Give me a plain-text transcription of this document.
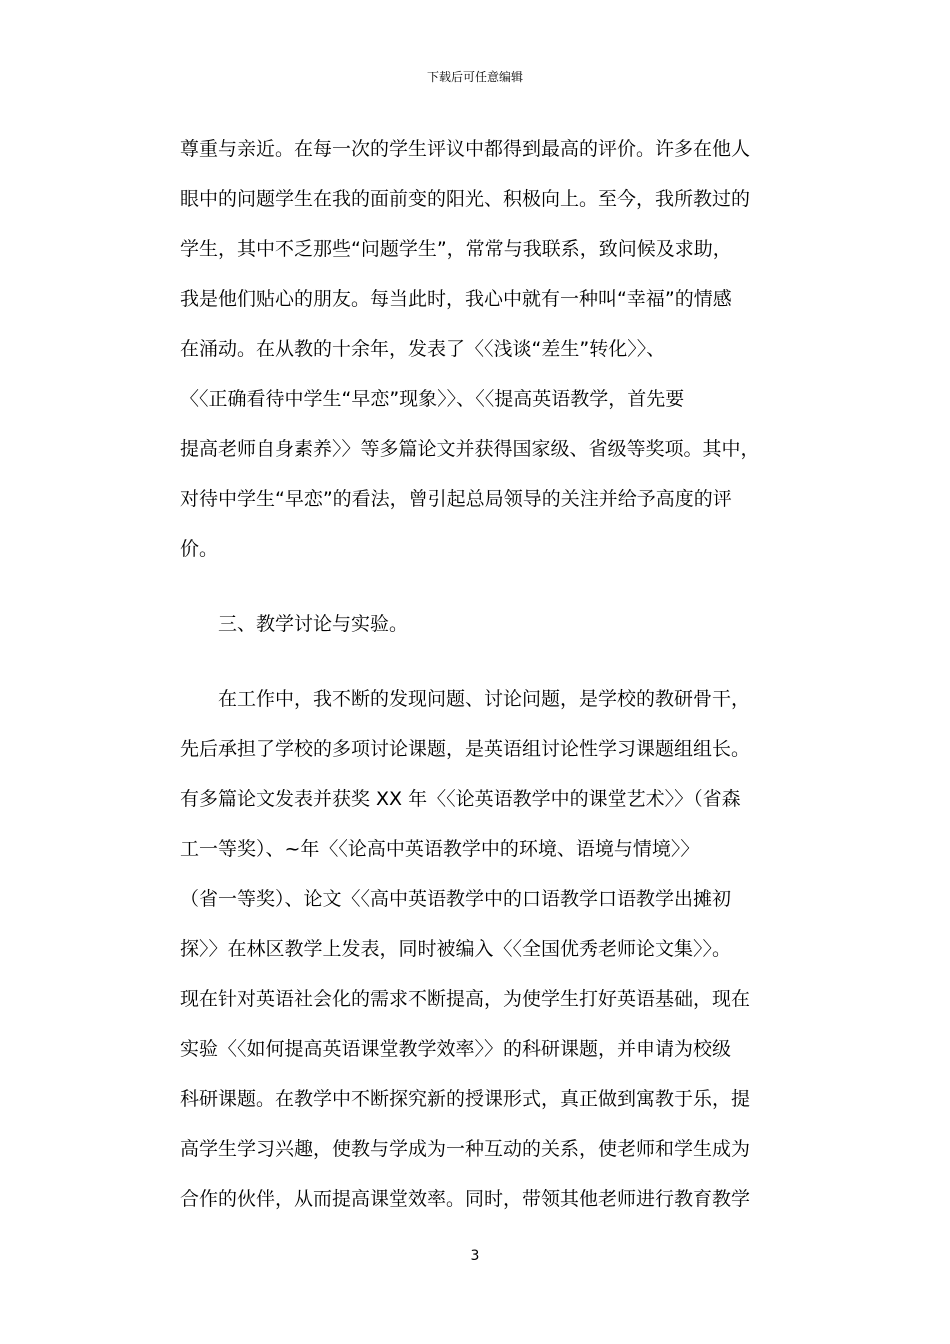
下载后可任意编辑
尊重与亲近。在每一次的学生评议中都得到最高的评价。许多在他人
眼中的问题学生在我的面前变的阳光、积极向上。至今，我所教过的
学生，其中不乏那些“问题学生”，常常与我联系，致问候及求助，
我是他们贴心的朋友。每当此时，我心中就有一种叫“幸福”的情感
在涌动。在从教的十余年，发表了〈〈浅谈“差生”转化〉〉、
〈〈正确看待中学生“早恋”现象〉〉、〈〈提高英语教学，首先要
提高老师自身素养〉〉等多篇论文并获得国家级、省级等奖项。其中，
对待中学生“早恋”的看法，曾引起总局领导的关注并给予高度的评
价。
三、教学讨论与实验。
在工作中，我不断的发现问题、讨论问题，是学校的教研骨干，
先后承担了学校的多项讨论课题，是英语组讨论性学习课题组组长。
有多篇论文发表并获奖 XX 年〈〈论英语教学中的课堂艺术〉〉（省森
工一等奖）、~年〈〈论高中英语教学中的环境、语境与情境〉〉
（省一等奖）、论文〈〈高中英语教学中的口语教学口语教学出摊初
探〉〉在林区教学上发表，同时被编入〈〈全国优秀老师论文集〉〉。
现在针对英语社会化的需求不断提高，为使学生打好英语基础，现在
实验〈〈如何提高英语课堂教学效率〉〉的科研课题，并申请为校级
科研课题。在教学中不断探究新的授课形式，真正做到寓教于乐，提
高学生学习兴趣，使教与学成为一种互动的关系，使老师和学生成为
合作的伙伴，从而提高课堂效率。同时，带领其他老师进行教育教学
3
